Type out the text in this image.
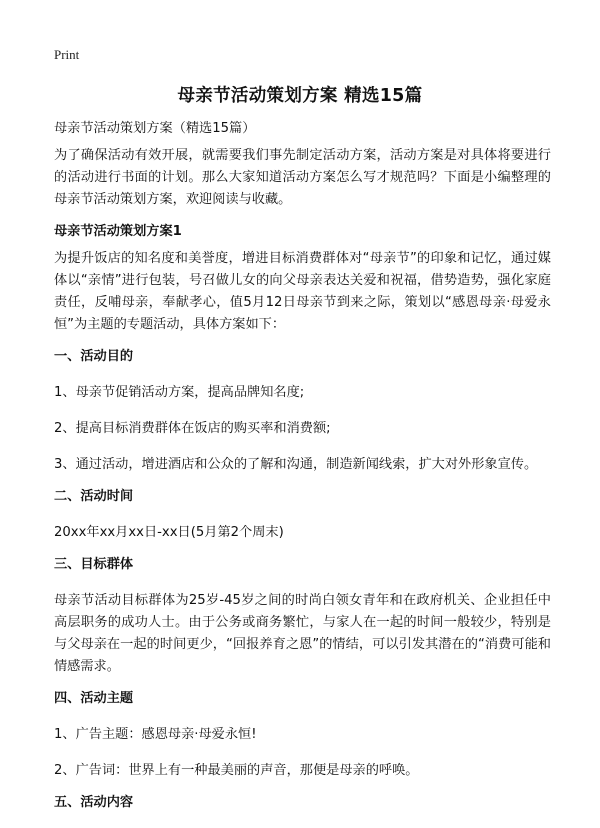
Print
母亲节活动策划方案 精选15篇

母亲节活动策划方案（精选15篇）

为了确保活动有效开展，就需要我们事先制定活动方案，活动方案是对具体将要进行的活动进行书面的计划。那么大家知道活动方案怎么写才规范吗？下面是小编整理的母亲节活动策划方案，欢迎阅读与收藏。

母亲节活动策划方案1

为提升饭店的知名度和美誉度，增进目标消费群体对“母亲节”的印象和记忆，通过媒体以“亲情”进行包装，号召做儿女的向父母亲表达关爱和祝福，借势造势，强化家庭责任，反哺母亲，奉献孝心，值5月12日母亲节到来之际，策划以“感恩母亲·母爱永恒”为主题的专题活动，具体方案如下：

一、活动目的

1、母亲节促销活动方案，提高品牌知名度;

2、提高目标消费群体在饭店的购买率和消费额;

3、通过活动，增进酒店和公众的了解和沟通，制造新闻线索，扩大对外形象宣传。

二、活动时间

20xx年xx月xx日-xx日(5月第2个周末)

三、目标群体

母亲节活动目标群体为25岁-45岁之间的时尚白领女青年和在政府机关、企业担任中高层职务的成功人士。由于公务或商务繁忙，与家人在一起的时间一般较少，特别是与父母亲在一起的时间更少，“回报养育之恩”的情结，可以引发其潜在的“消费可能和情感需求。

四、活动主题

1、广告主题：感恩母亲·母爱永恒!

2、广告词：世界上有一种最美丽的声音，那便是母亲的呼唤。

五、活动内容
